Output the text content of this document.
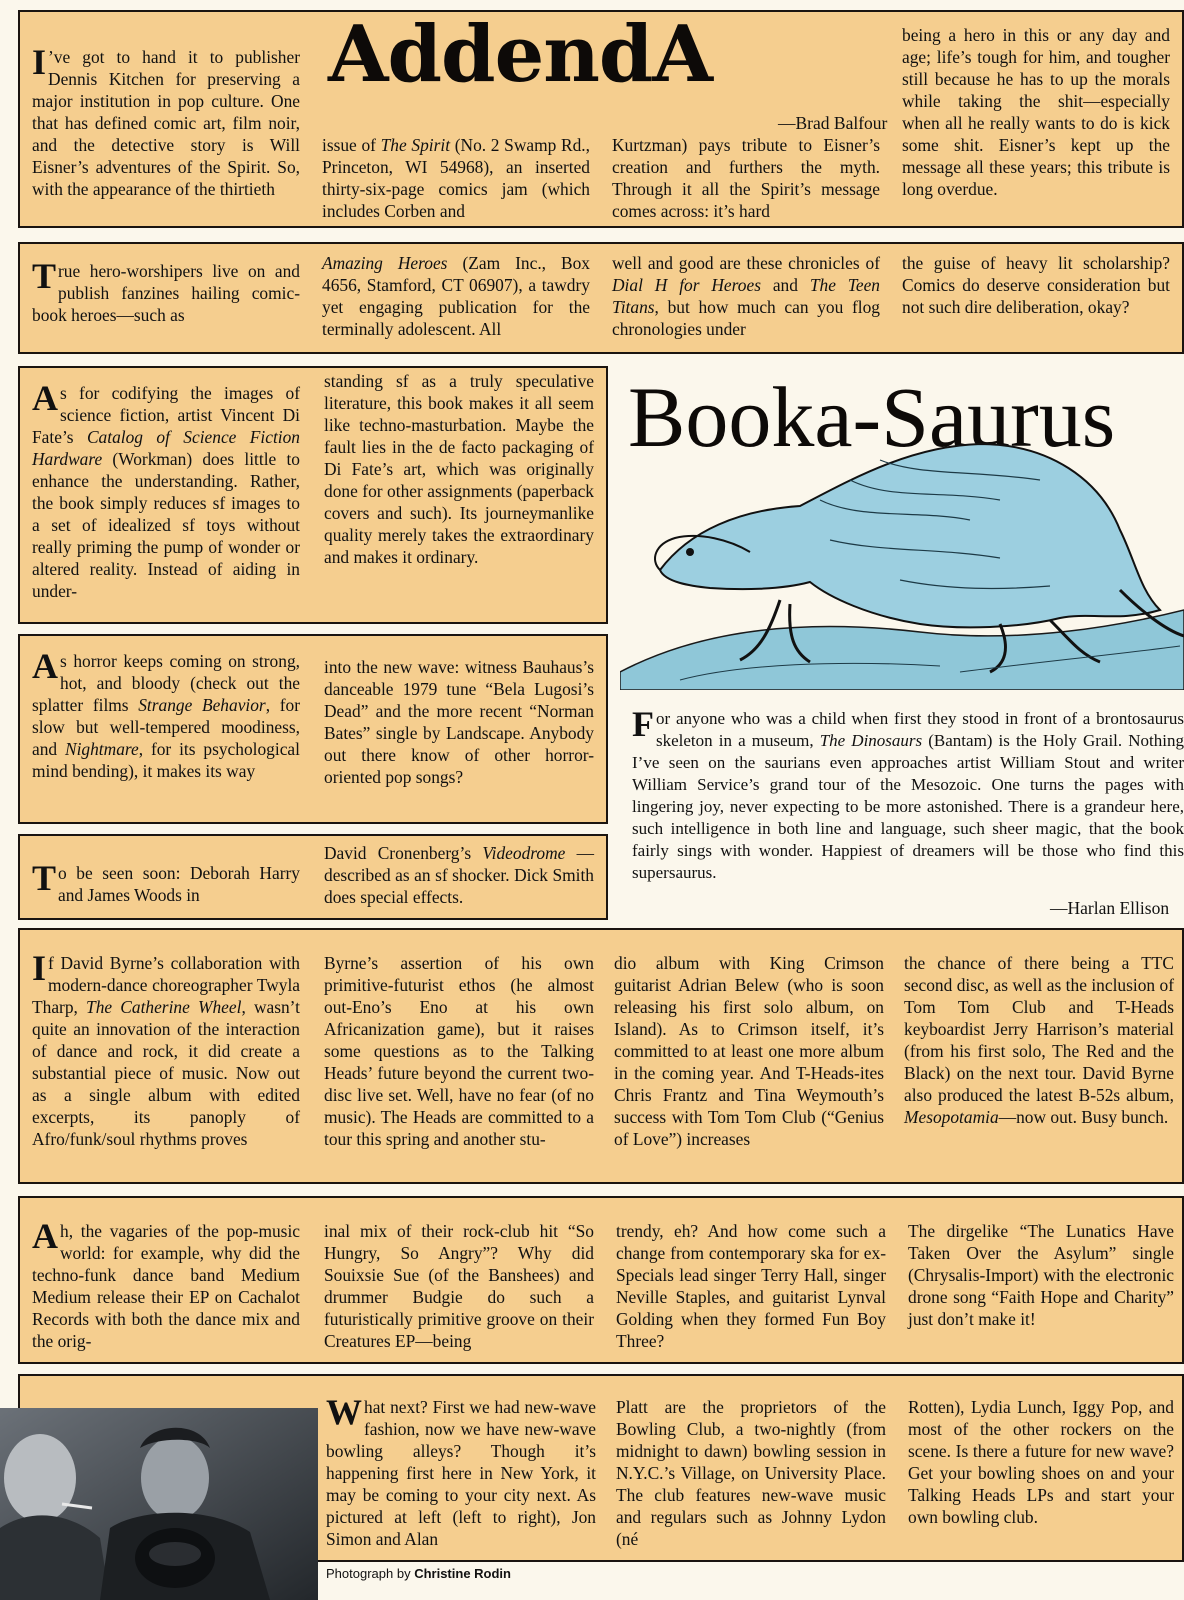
AddendA
—Brad Balfour

I ’ve got to hand it to publisher Dennis Kitchen for preserving a major institution in pop culture. One that has defined comic art, film noir, and the detective story is Will Eisner’s adventures of the Spirit. So, with the appearance of the thirtieth

issue of The Spirit (No. 2 Swamp Rd., Princeton, WI 54968), an inserted thirty-six-page comics jam (which includes Corben and

Kurtzman) pays tribute to Eisner’s creation and furthers the myth. Through it all the Spirit’s message comes across: it’s hard

being a hero in this or any day and age; life’s tough for him, and tougher still because he has to up the morals while taking the shit—especially when all he really wants to do is kick some shit. Eisner’s kept up the message all these years; this tribute is long overdue.

True hero-worshipers live on and publish fanzines hailing comic-book heroes—such as

Amazing Heroes (Zam Inc., Box 4656, Stamford, CT 06907), a tawdry yet engaging publication for the terminally adolescent. All

well and good are these chronicles of Dial H for Heroes and The Teen Titans, but how much can you flog chronologies under

the guise of heavy lit scholarship? Comics do deserve consideration but not such dire deliberation, okay?

As for codifying the images of science fiction, artist Vincent Di Fate’s Catalog of Science Fiction Hardware (Workman) does little to enhance the understanding. Rather, the book simply reduces sf images to a set of idealized sf toys without really priming the pump of wonder or altered reality. Instead of aiding in under-

standing sf as a truly speculative literature, this book makes it all seem like techno-masturbation. Maybe the fault lies in the de facto packaging of Di Fate’s art, which was originally done for other assignments (paperback covers and such). Its journeymanlike quality merely takes the extraordinary and makes it ordinary.

As horror keeps coming on strong, hot, and bloody (check out the splatter films Strange Behavior, for slow but well-tempered moodiness, and Nightmare, for its psychological mind bending), it makes its way

into the new wave: witness Bauhaus’s danceable 1979 tune “Bela Lugosi’s Dead” and the more recent “Norman Bates” single by Landscape. Anybody out there know of other horror-oriented pop songs?

To be seen soon: Deborah Harry and James Woods in

David Cronenberg’s Videodrome —described as an sf shocker. Dick Smith does special effects.

Booka-Saurus

For anyone who was a child when first they stood in front of a brontosaurus skeleton in a museum, The Dinosaurs (Bantam) is the Holy Grail. Nothing I’ve seen on the saurians even approaches artist William Stout and writer William Service’s grand tour of the Mesozoic. One turns the pages with lingering joy, never expecting to be more astonished. There is a grandeur here, such intelligence in both line and language, such sheer magic, that the book fairly sings with wonder. Happiest of dreamers will be those who find this supersaurus.

—Harlan Ellison

If David Byrne’s collaboration with modern-dance choreographer Twyla Tharp, The Catherine Wheel, wasn’t quite an innovation of the interaction of dance and rock, it did create a substantial piece of music. Now out as a single album with edited excerpts, its panoply of Afro/funk/soul rhythms proves

Byrne’s assertion of his own primitive-futurist ethos (he almost out-Eno’s Eno at his own Africanization game), but it raises some questions as to the Talking Heads’ future beyond the current two-disc live set. Well, have no fear (of no music). The Heads are committed to a tour this spring and another stu-

dio album with King Crimson guitarist Adrian Belew (who is soon releasing his first solo album, on Island). As to Crimson itself, it’s committed to at least one more album in the coming year. And T-Heads-ites Chris Frantz and Tina Weymouth’s success with Tom Tom Club (“Genius of Love”) increases

the chance of there being a TTC second disc, as well as the inclusion of Tom Tom Club and T-Heads keyboardist Jerry Harrison’s material (from his first solo, The Red and the Black) on the next tour. David Byrne also produced the latest B-52s album, Mesopotamia—now out. Busy bunch.

Ah, the vagaries of the pop-music world: for example, why did the techno-funk dance band Medium Medium release their EP on Cachalot Records with both the dance mix and the orig-

inal mix of their rock-club hit “So Hungry, So Angry”? Why did Souixsie Sue (of the Banshees) and drummer Budgie do such a futuristically primitive groove on their Creatures EP—being

trendy, eh? And how come such a change from contemporary ska for ex-Specials lead singer Terry Hall, singer Neville Staples, and guitarist Lynval Golding when they formed Fun Boy Three?

The dirgelike “The Lunatics Have Taken Over the Asylum” single (Chrysalis-Import) with the electronic drone song “Faith Hope and Charity” just don’t make it!

Photograph by Christine Rodin

What next? First we had new-wave fashion, now we have new-wave bowling alleys? Though it’s happening first here in New York, it may be coming to your city next. As pictured at left (left to right), Jon Simon and Alan

Platt are the proprietors of the Bowling Club, a two-nightly (from midnight to dawn) bowling session in N.Y.C.’s Village, on University Place. The club features new-wave music and regulars such as Johnny Lydon (né

Rotten), Lydia Lunch, Iggy Pop, and most of the other rockers on the scene. Is there a future for new wave? Get your bowling shoes on and your Talking Heads LPs and start your own bowling club.
